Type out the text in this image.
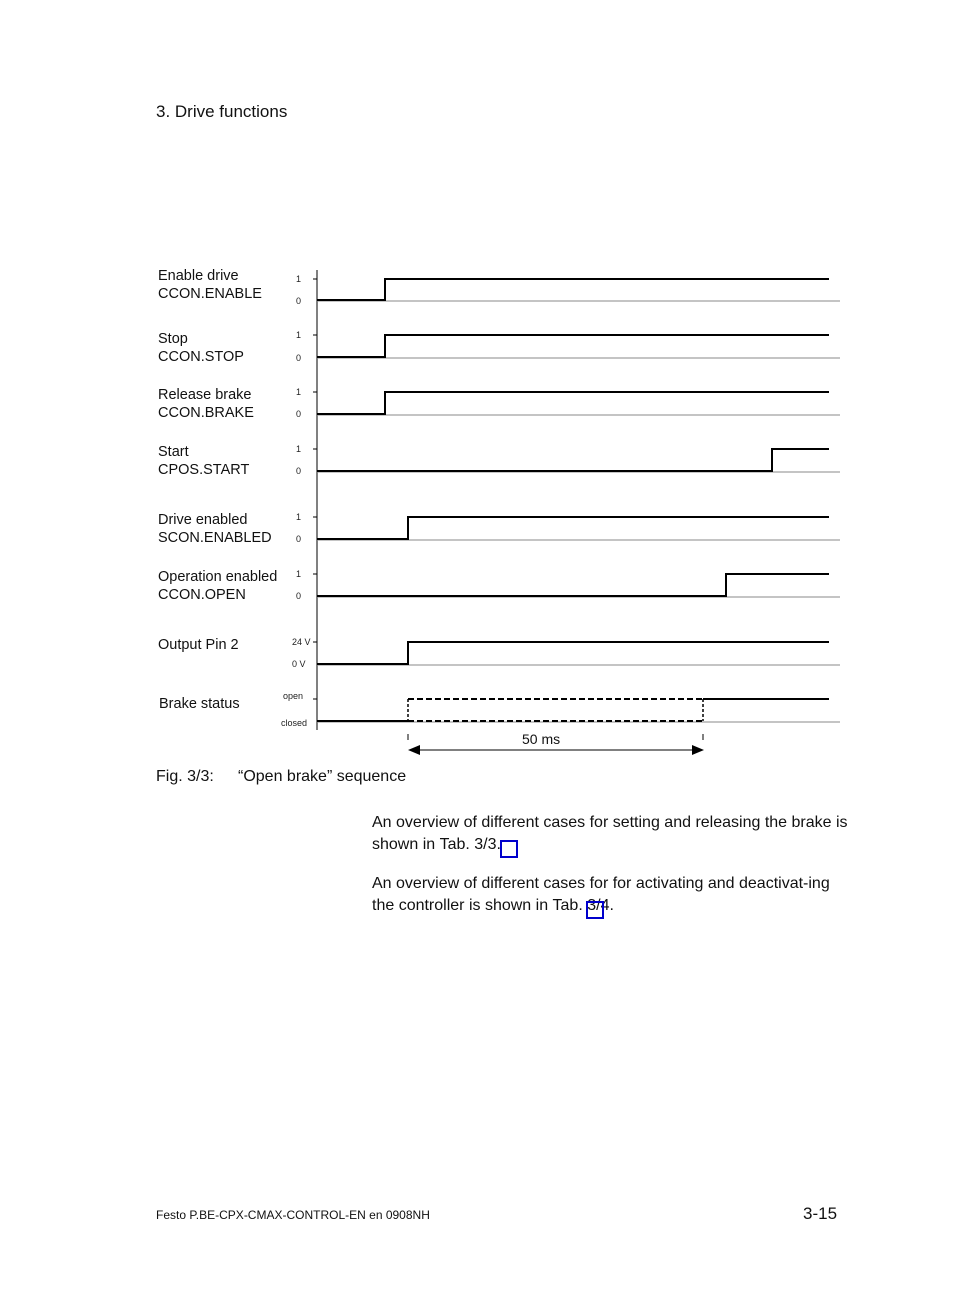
3. Drive functions
Enable drive
CCON.ENABLE
Stop
CCON.STOP
Release brake
CCON.BRAKE
Start
CPOS.START
Drive enabled
SCON.ENABLED
Operation enabled
CCON.OPEN
Output Pin 2
Brake status
1
0
1
0
1
0
1
0
1
0
1
0
24 V
0 V
open
closed
50 ms
Fig. 3/3: “Open brake” sequence
An overview of different cases for setting and releasing the brake is shown in Tab. 3/3.
An overview of different cases for for activating and deactivat-ing the controller is shown in Tab. 3/4.
Festo P.BE-CPX-CMAX-CONTROL-EN en 0908NH	3-15
